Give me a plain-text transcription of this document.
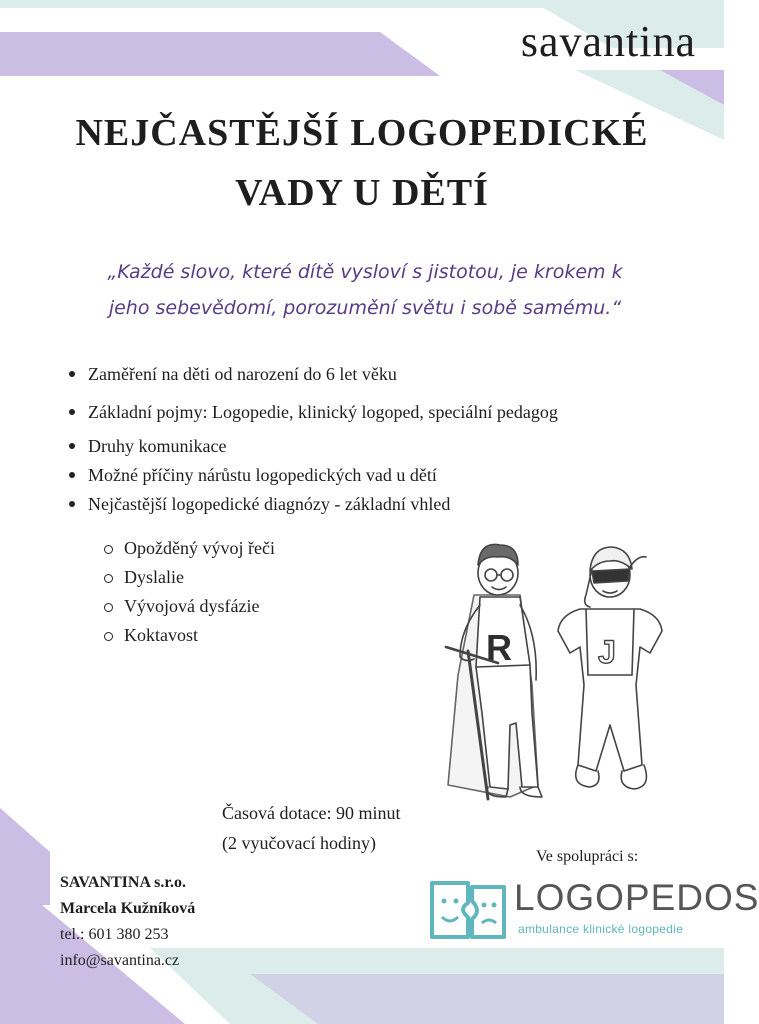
savantina
NEJČASTĚJŠÍ LOGOPEDICKÉ
VADY U DĚTÍ
„Každé slovo, které dítě vysloví s jistotou, je krokem k
jeho sebevědomí, porozumění světu i sobě samému.“
Zaměření na děti od narození do 6 let věku
Základní pojmy: Logopedie, klinický logoped, speciální pedagog
Druhy komunikace
Možné příčiny nárůstu logopedických vad u dětí
Nejčastější logopedické diagnózy - základní vhled
Opožděný vývoj řeči
Dyslalie
Vývojová dysfázie
Koktavost	R	J
Časová dotace: 90 minut
(2 vyučovací hodiny)
Ve spolupráci s:
SAVANTINA s.r.o.
Marcela Kužníková
tel.: 601 380 253
info@savantina.cz
LOGOPEDOS
ambulance klinické logopedie
